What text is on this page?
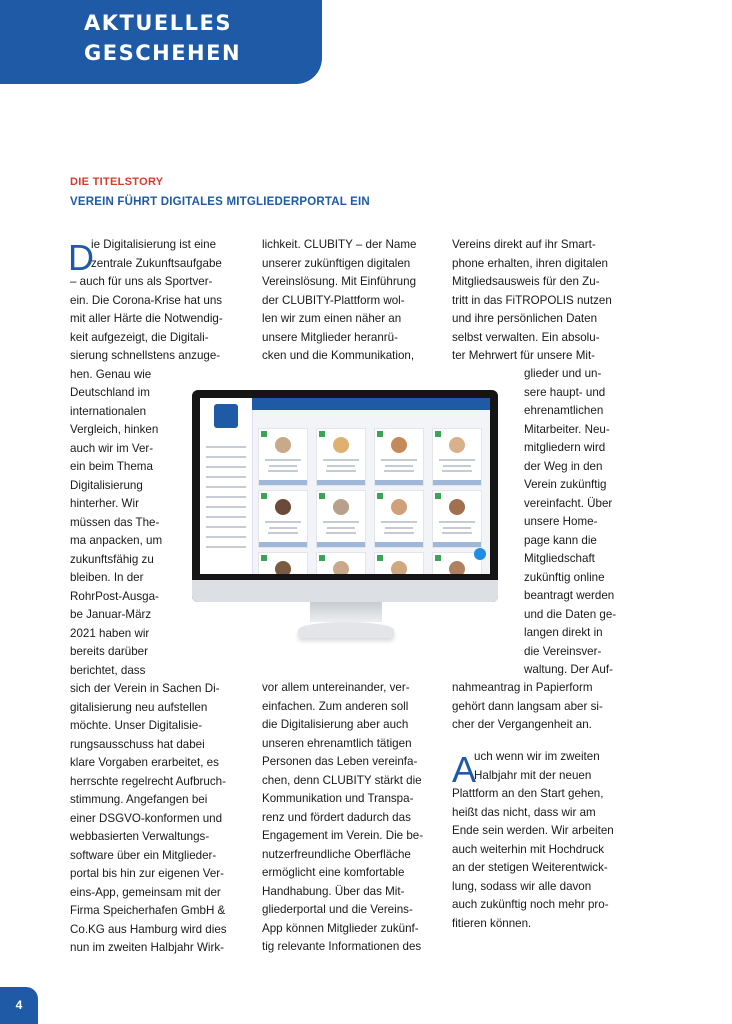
AKTUELLES
GESCHEHEN
DIE TITELSTORY
VEREIN FÜHRT DIGITALES MITGLIEDERPORTAL EIN
D
A
ie Digitalisierung ist eine
zentrale Zukunftsaufgabe
– auch für uns als Sportver-
ein. Die Corona-Krise hat uns
mit aller Härte die Notwendig-
keit aufgezeigt, die Digitali-
sierung schnellstens anzuge-
hen. Genau wie
Deutschland im
internationalen
Vergleich, hinken
auch wir im Ver-
ein beim Thema
Digitalisierung
hinterher. Wir
müssen das The-
ma anpacken, um
zukunftsfähig zu
bleiben. In der
RohrPost-Ausga-
be Januar-März
2021 haben wir
bereits darüber
berichtet, dass
sich der Verein in Sachen Di-
gitalisierung neu aufstellen
möchte. Unser Digitalisie-
rungsausschuss hat dabei
klare Vorgaben erarbeitet, es
herrschte regelrecht Aufbruch-
stimmung. Angefangen bei
einer DSGVO-konformen und
webbasierten Verwaltungs-
software über ein Mitglieder-
portal bis hin zur eigenen Ver-
eins-App, gemeinsam mit der
Firma Speicherhafen GmbH &
Co.KG aus Hamburg wird dies
nun im zweiten Halbjahr Wirk-
lichkeit. CLUBITY – der Name
unserer zukünftigen digitalen
Vereinslösung. Mit Einführung
der CLUBITY-Plattform wol-
len wir zum einen näher an
unsere Mitglieder heranrü-
cken und die Kommunikation,
vor allem untereinander, ver-
einfachen. Zum anderen soll
die Digitalisierung aber auch
unseren ehrenamtlich tätigen
Personen das Leben vereinfa-
chen, denn CLUBITY stärkt die
Kommunikation und Transpa-
renz und fördert dadurch das
Engagement im Verein. Die be-
nutzerfreundliche Oberfläche
ermöglicht eine komfortable
Handhabung. Über das Mit-
gliederportal und die Vereins-
App können Mitglieder zukünf-
tig relevante Informationen des
Vereins direkt auf ihr Smart-
phone erhalten, ihren digitalen
Mitgliedsausweis für den Zu-
tritt in das FiTROPOLIS nutzen
und ihre persönlichen Daten
selbst verwalten. Ein absolu-
ter Mehrwert für unsere Mit-
glieder und un-
sere haupt- und
ehrenamtlichen
Mitarbeiter. Neu-
mitgliedern wird
der Weg in den
Verein zukünftig
vereinfacht. Über
unsere Home-
page kann die
Mitgliedschaft
zukünftig online
beantragt werden
und die Daten ge-
langen direkt in
die Vereinsver-
waltung. Der Auf-
nahmeantrag in Papierform
gehört dann langsam aber si-
cher der Vergangenheit an.
uch wenn wir im zweiten
Halbjahr mit der neuen
Plattform an den Start gehen,
heißt das nicht, dass wir am
Ende sein werden. Wir arbeiten
auch weiterhin mit Hochdruck
an der stetigen Weiterentwick-
lung, sodass wir alle davon
auch zukünftig noch mehr pro-
fitieren können.
4
